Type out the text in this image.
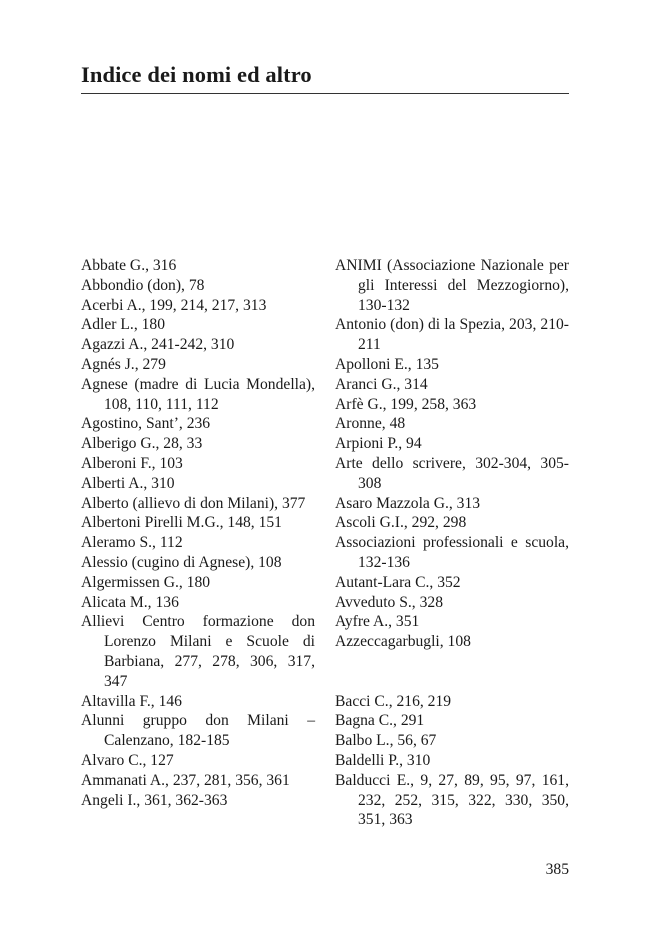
Indice dei nomi ed altro
Abbate G., 316
Abbondio (don), 78
Acerbi A., 199, 214, 217, 313
Adler L., 180
Agazzi A., 241-242, 310
Agnés J., 279
Agnese (madre di Lucia Mondella), 108, 110, 111, 112
Agostino, Sant’, 236
Alberigo G., 28, 33
Alberoni F., 103
Alberti A., 310
Alberto (allievo di don Milani), 377
Albertoni Pirelli M.G., 148, 151
Aleramo S., 112
Alessio (cugino di Agnese), 108
Algermissen G., 180
Alicata M., 136
Allievi Centro formazione don Lorenzo Milani e Scuole di Barbiana, 277, 278, 306, 317, 347
Altavilla F., 146
Alunni gruppo don Milani – Calenzano, 182-185
Alvaro C., 127
Ammanati A., 237, 281, 356, 361
Angeli I., 361, 362-363
ANIMI (Associazione Nazionale per gli Interessi del Mezzogiorno), 130-132
Antonio (don) di la Spezia, 203, 210-211
Apolloni E., 135
Aranci G., 314
Arfè G., 199, 258, 363
Aronne, 48
Arpioni P., 94
Arte dello scrivere, 302-304, 305-308
Asaro Mazzola G., 313
Ascoli G.I., 292, 298
Associazioni professionali e scuola, 132-136
Autant-Lara C., 352
Avveduto S., 328
Ayfre A., 351
Azzeccagarbugli, 108
Bacci C., 216, 219
Bagna C., 291
Balbo L., 56, 67
Baldelli P., 310
Balducci E., 9, 27, 89, 95, 97, 161, 232, 252, 315, 322, 330, 350, 351, 363
385
